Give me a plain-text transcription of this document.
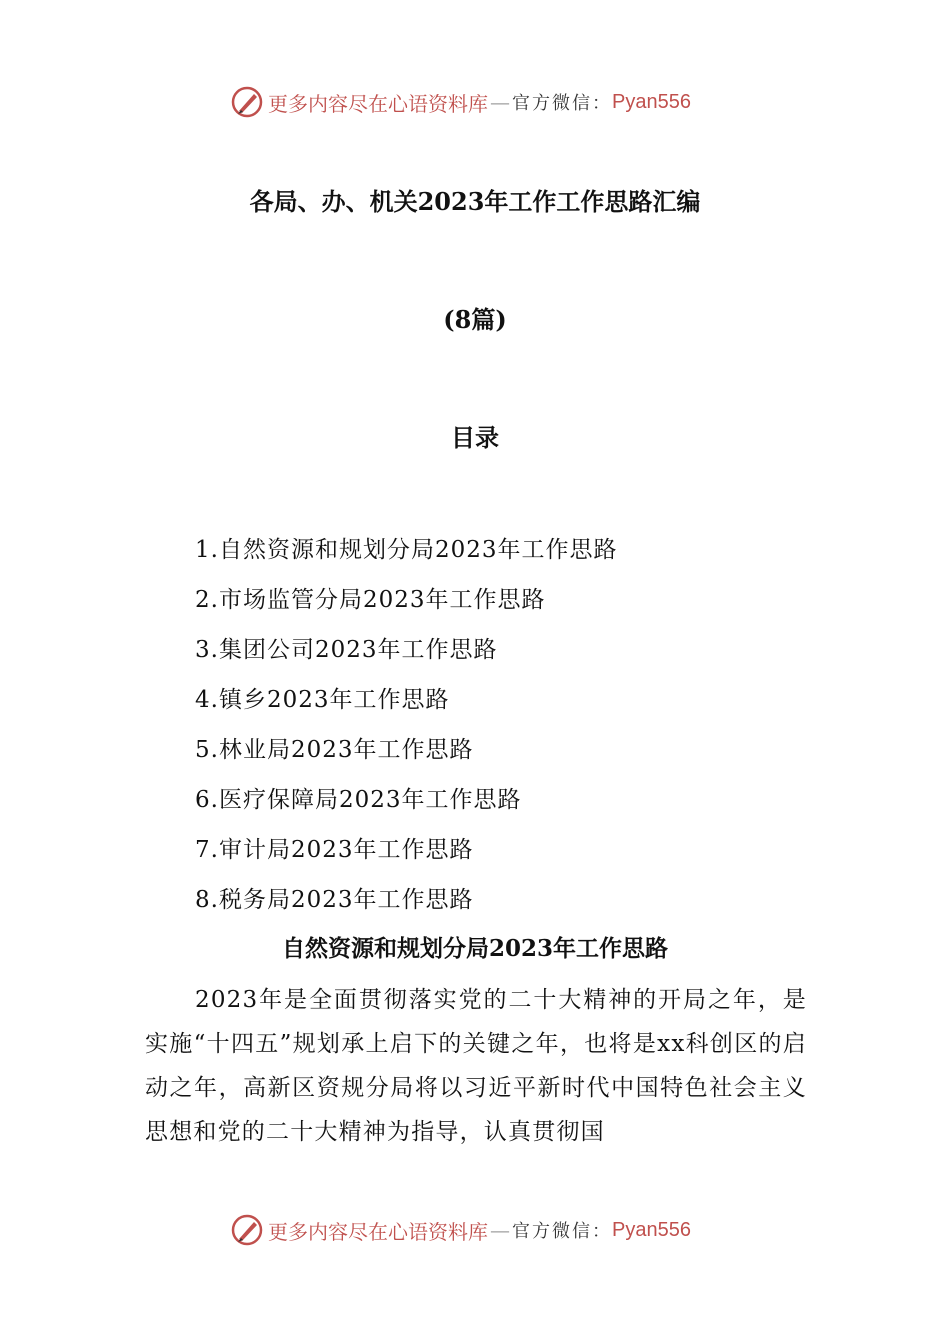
更多内容尽在心语资料库 — 官方微信： Pyan556
各局、办、机关2023年工作工作思路汇编
(8篇)
目录
1.自然资源和规划分局2023年工作思路
2.市场监管分局2023年工作思路
3.集团公司2023年工作思路
4.镇乡2023年工作思路
5.林业局2023年工作思路
6.医疗保障局2023年工作思路
7.审计局2023年工作思路
8.税务局2023年工作思路
自然资源和规划分局2023年工作思路

2023年是全面贯彻落实党的二十大精神的开局之年，是实施“十四五”规划承上启下的关键之年，也将是xx科创区的启动之年，高新区资规分局将以习近平新时代中国特色社会主义思想和党的二十大精神为指导，认真贯彻国

更多内容尽在心语资料库 — 官方微信： Pyan556
